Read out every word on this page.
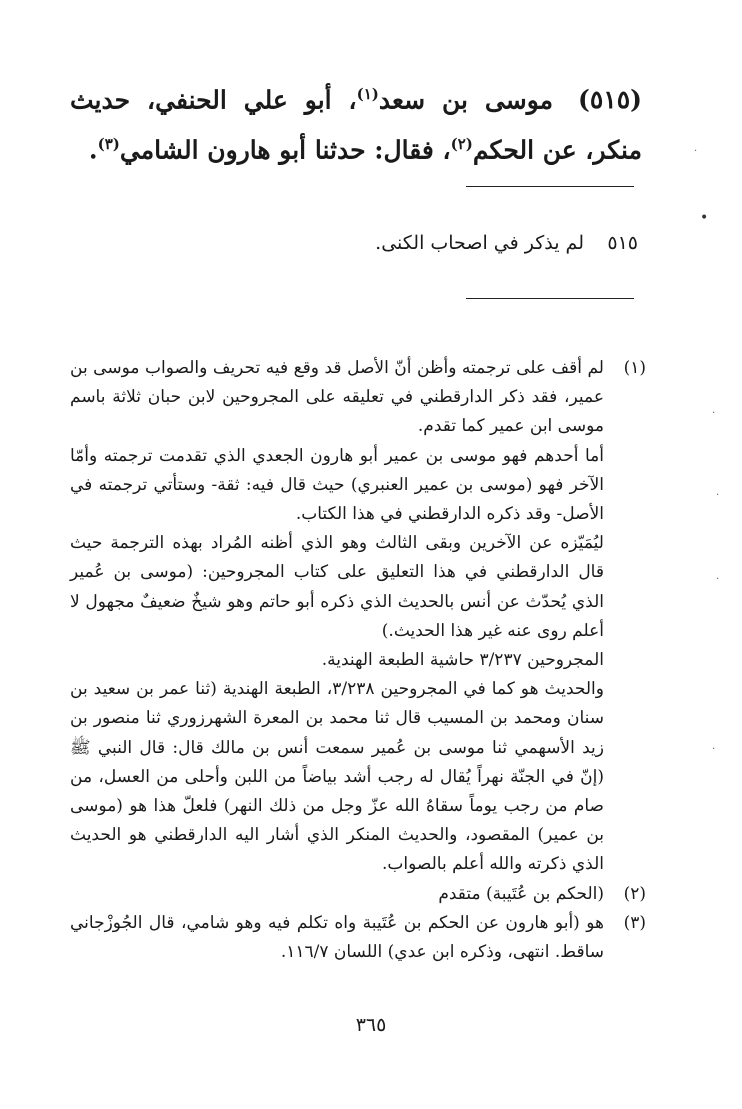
(٥١٥) موسى بن سعد$^{(١)}$، أبو علي الحنفي، حديث منكر، عن الحكم$^{(٢)}$، فقال: حدثنا أبو هارون الشامي$^{(٣)}$.
٥١٥لم يذكر في اصحاب الكنى.
(١)

لم أقف على ترجمته وأظن أنّ الأصل قد وقع فيه تحريف والصواب موسى بن عمير، فقد ذكر الدارقطني في تعليقه على المجروحين لابن حبان ثلاثة باسم موسى ابن عمير كما تقدم.

أما أحدهم فهو موسى بن عمير أبو هارون الجعدي الذي تقدمت ترجمته وأمّا الآخر فهو (موسى بن عمير العنبري) حيث قال فيه: ثقة- وستأتي ترجمته في الأصل- وقد ذكره الدارقطني في هذا الكتاب.

ليُمَيّزه عن الآخرين وبقى الثالث وهو الذي أظنه المُراد بهذه الترجمة حيث قال الدارقطني في هذا التعليق على كتاب المجروحين: (موسى بن عُمير الذي يُحدّث عن أنس بالحديث الذي ذكره أبو حاتم وهو شيخٌ ضعيفٌ مجهول لا أعلم روى عنه غير هذا الحديث.)

المجروحين ٣/٢٣٧ حاشية الطبعة الهندية.

والحديث هو كما في المجروحين ٣/٢٣٨، الطبعة الهندية (ثنا عمر بن سعيد بن سنان ومحمد بن المسيب قال ثنا محمد بن المعرة الشهرزوري ثنا منصور بن زيد الأسهمي ثنا موسى بن عُمير سمعت أنس بن مالك قال: قال النبي ﷺ (إنّ في الجنّة نهراً يُقال له رجب أشد بياضاً من اللبن وأحلى من العسل، من صام من رجب يوماً سقاهُ الله عزّ وجل من ذلك النهر) فلعلّ هذا هو (موسى بن عمير) المقصود، والحديث المنكر الذي أشار اليه الدارقطني هو الحديث الذي ذكرته والله أعلم بالصواب.

(٢)

(الحكم بن عُتَيبة) متقدم

(٣)

هو (أبو هارون عن الحكم بن عُتَيبة واه تكلم فيه وهو شامي، قال الجُوزْجاني ساقط. انتهى، وذكره ابن عدي) اللسان ١١٦/٧.

٣٦٥
·
•
·
·
·
·
